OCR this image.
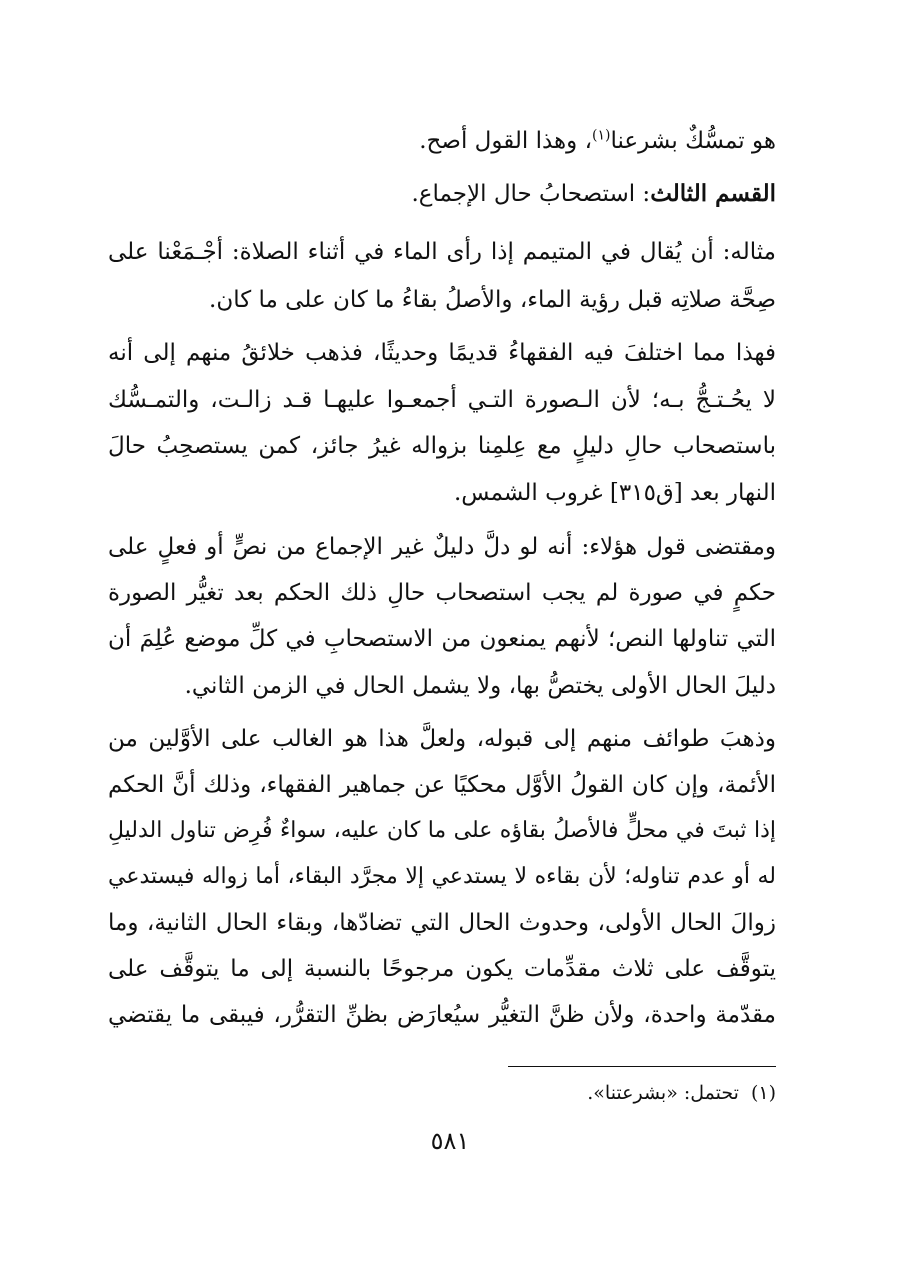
هو تمسُّكٌ بشرعنا$^{(١)}$، وهذا القول أصح.
القسم الثالث: استصحابُ حال الإجماع.
مثاله: أن يُقال في المتيمم إذا رأى الماء في أثناء الصلاة: أجْـمَعْنا على
صِحَّة صلاتِه قبل رؤية الماء، والأصلُ بقاءُ ما كان على ما كان.
فهذا مما اختلفَ فيه الفقهاءُ قديمًا وحديثًا، فذهب خلائقُ منهم إلى أنه
لا يحُـتـجُّ بـه؛ لأن الـصورة التـي أجمعـوا عليهـا قـد زالـت، والتمـسُّك
باستصحاب حالِ دليلٍ مع عِلمِنا بزواله غيرُ جائز، كمن يستصحِبُ حالَ
النهار بعد [ق٣١٥] غروب الشمس.
ومقتضى قول هؤلاء: أنه لو دلَّ دليلٌ غير الإجماع من نصٍّ أو فعلٍ على
حكمٍ في صورة لم يجب استصحاب حالِ ذلك الحكم بعد تغيُّر الصورة
التي تناولها النص؛ لأنهم يمنعون من الاستصحابِ في كلِّ موضع عُلِمَ أن
دليلَ الحال الأولى يختصُّ بها، ولا يشمل الحال في الزمن الثاني.
وذهبَ طوائف منهم إلى قبوله، ولعلَّ هذا هو الغالب على الأوَّلين من
الأئمة، وإن كان القولُ الأوَّل محكيًا عن جماهير الفقهاء، وذلك أنَّ الحكم
إذا ثبتَ في محلٍّ فالأصلُ بقاؤه على ما كان عليه، سواءٌ فُرِض تناول الدليلِ
له أو عدم تناوله؛ لأن بقاءه لا يستدعي إلا مجرَّد البقاء، أما زواله فيستدعي
زوالَ الحال الأولى، وحدوث الحال التي تضادّها، وبقاء الحال الثانية، وما
يتوقَّف على ثلاث مقدِّمات يكون مرجوحًا بالنسبة إلى ما يتوقَّف على
مقدّمة واحدة، ولأن ظنَّ التغيُّر سيُعارَض بظنِّ التقرُّر، فيبقى ما يقتضي
(١)تحتمل: «بشرعتنا».
٥٨١
